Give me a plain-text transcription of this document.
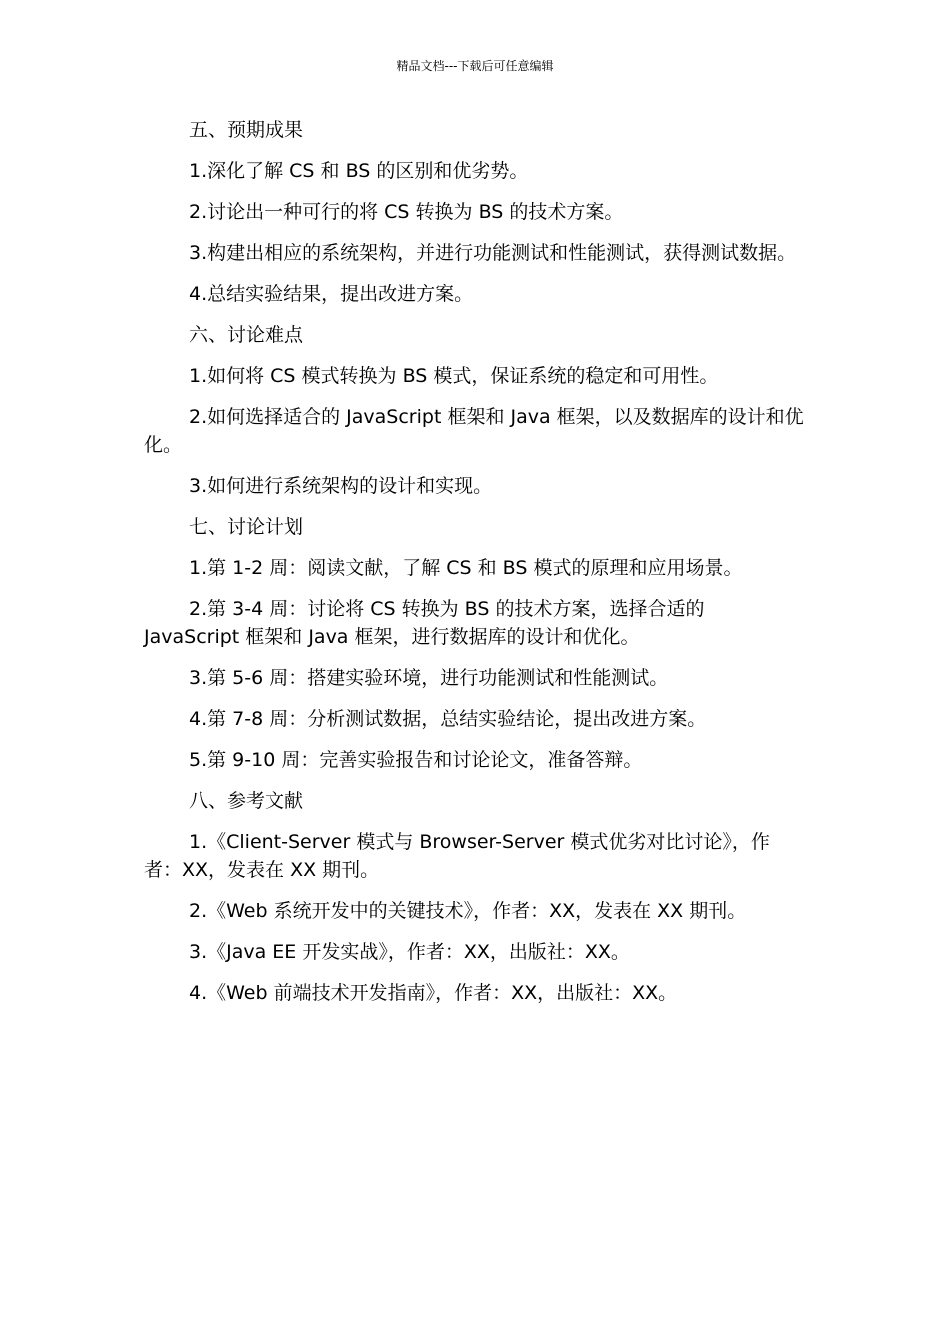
精品文档---下载后可任意编辑

五、预期成果

1.深化了解 CS 和 BS 的区别和优劣势。

2.讨论出一种可行的将 CS 转换为 BS 的技术方案。

3.构建出相应的系统架构，并进行功能测试和性能测试，获得测试数据。

4.总结实验结果，提出改进方案。

六、讨论难点

1.如何将 CS 模式转换为 BS 模式，保证系统的稳定和可用性。

2.如何选择适合的 JavaScript 框架和 Java 框架，以及数据库的设计和优化。

3.如何进行系统架构的设计和实现。

七、讨论计划

1.第 1-2 周：阅读文献，了解 CS 和 BS 模式的原理和应用场景。

2.第 3-4 周：讨论将 CS 转换为 BS 的技术方案，选择合适的 JavaScript 框架和 Java 框架，进行数据库的设计和优化。

3.第 5-6 周：搭建实验环境，进行功能测试和性能测试。

4.第 7-8 周：分析测试数据，总结实验结论，提出改进方案。

5.第 9-10 周：完善实验报告和讨论论文，准备答辩。

八、参考文献

1.《Client-Server 模式与 Browser-Server 模式优劣对比讨论》，作者：XX，发表在 XX 期刊。

2.《Web 系统开发中的关键技术》，作者：XX，发表在 XX 期刊。

3.《Java EE 开发实战》，作者：XX，出版社：XX。

4.《Web 前端技术开发指南》，作者：XX，出版社：XX。
